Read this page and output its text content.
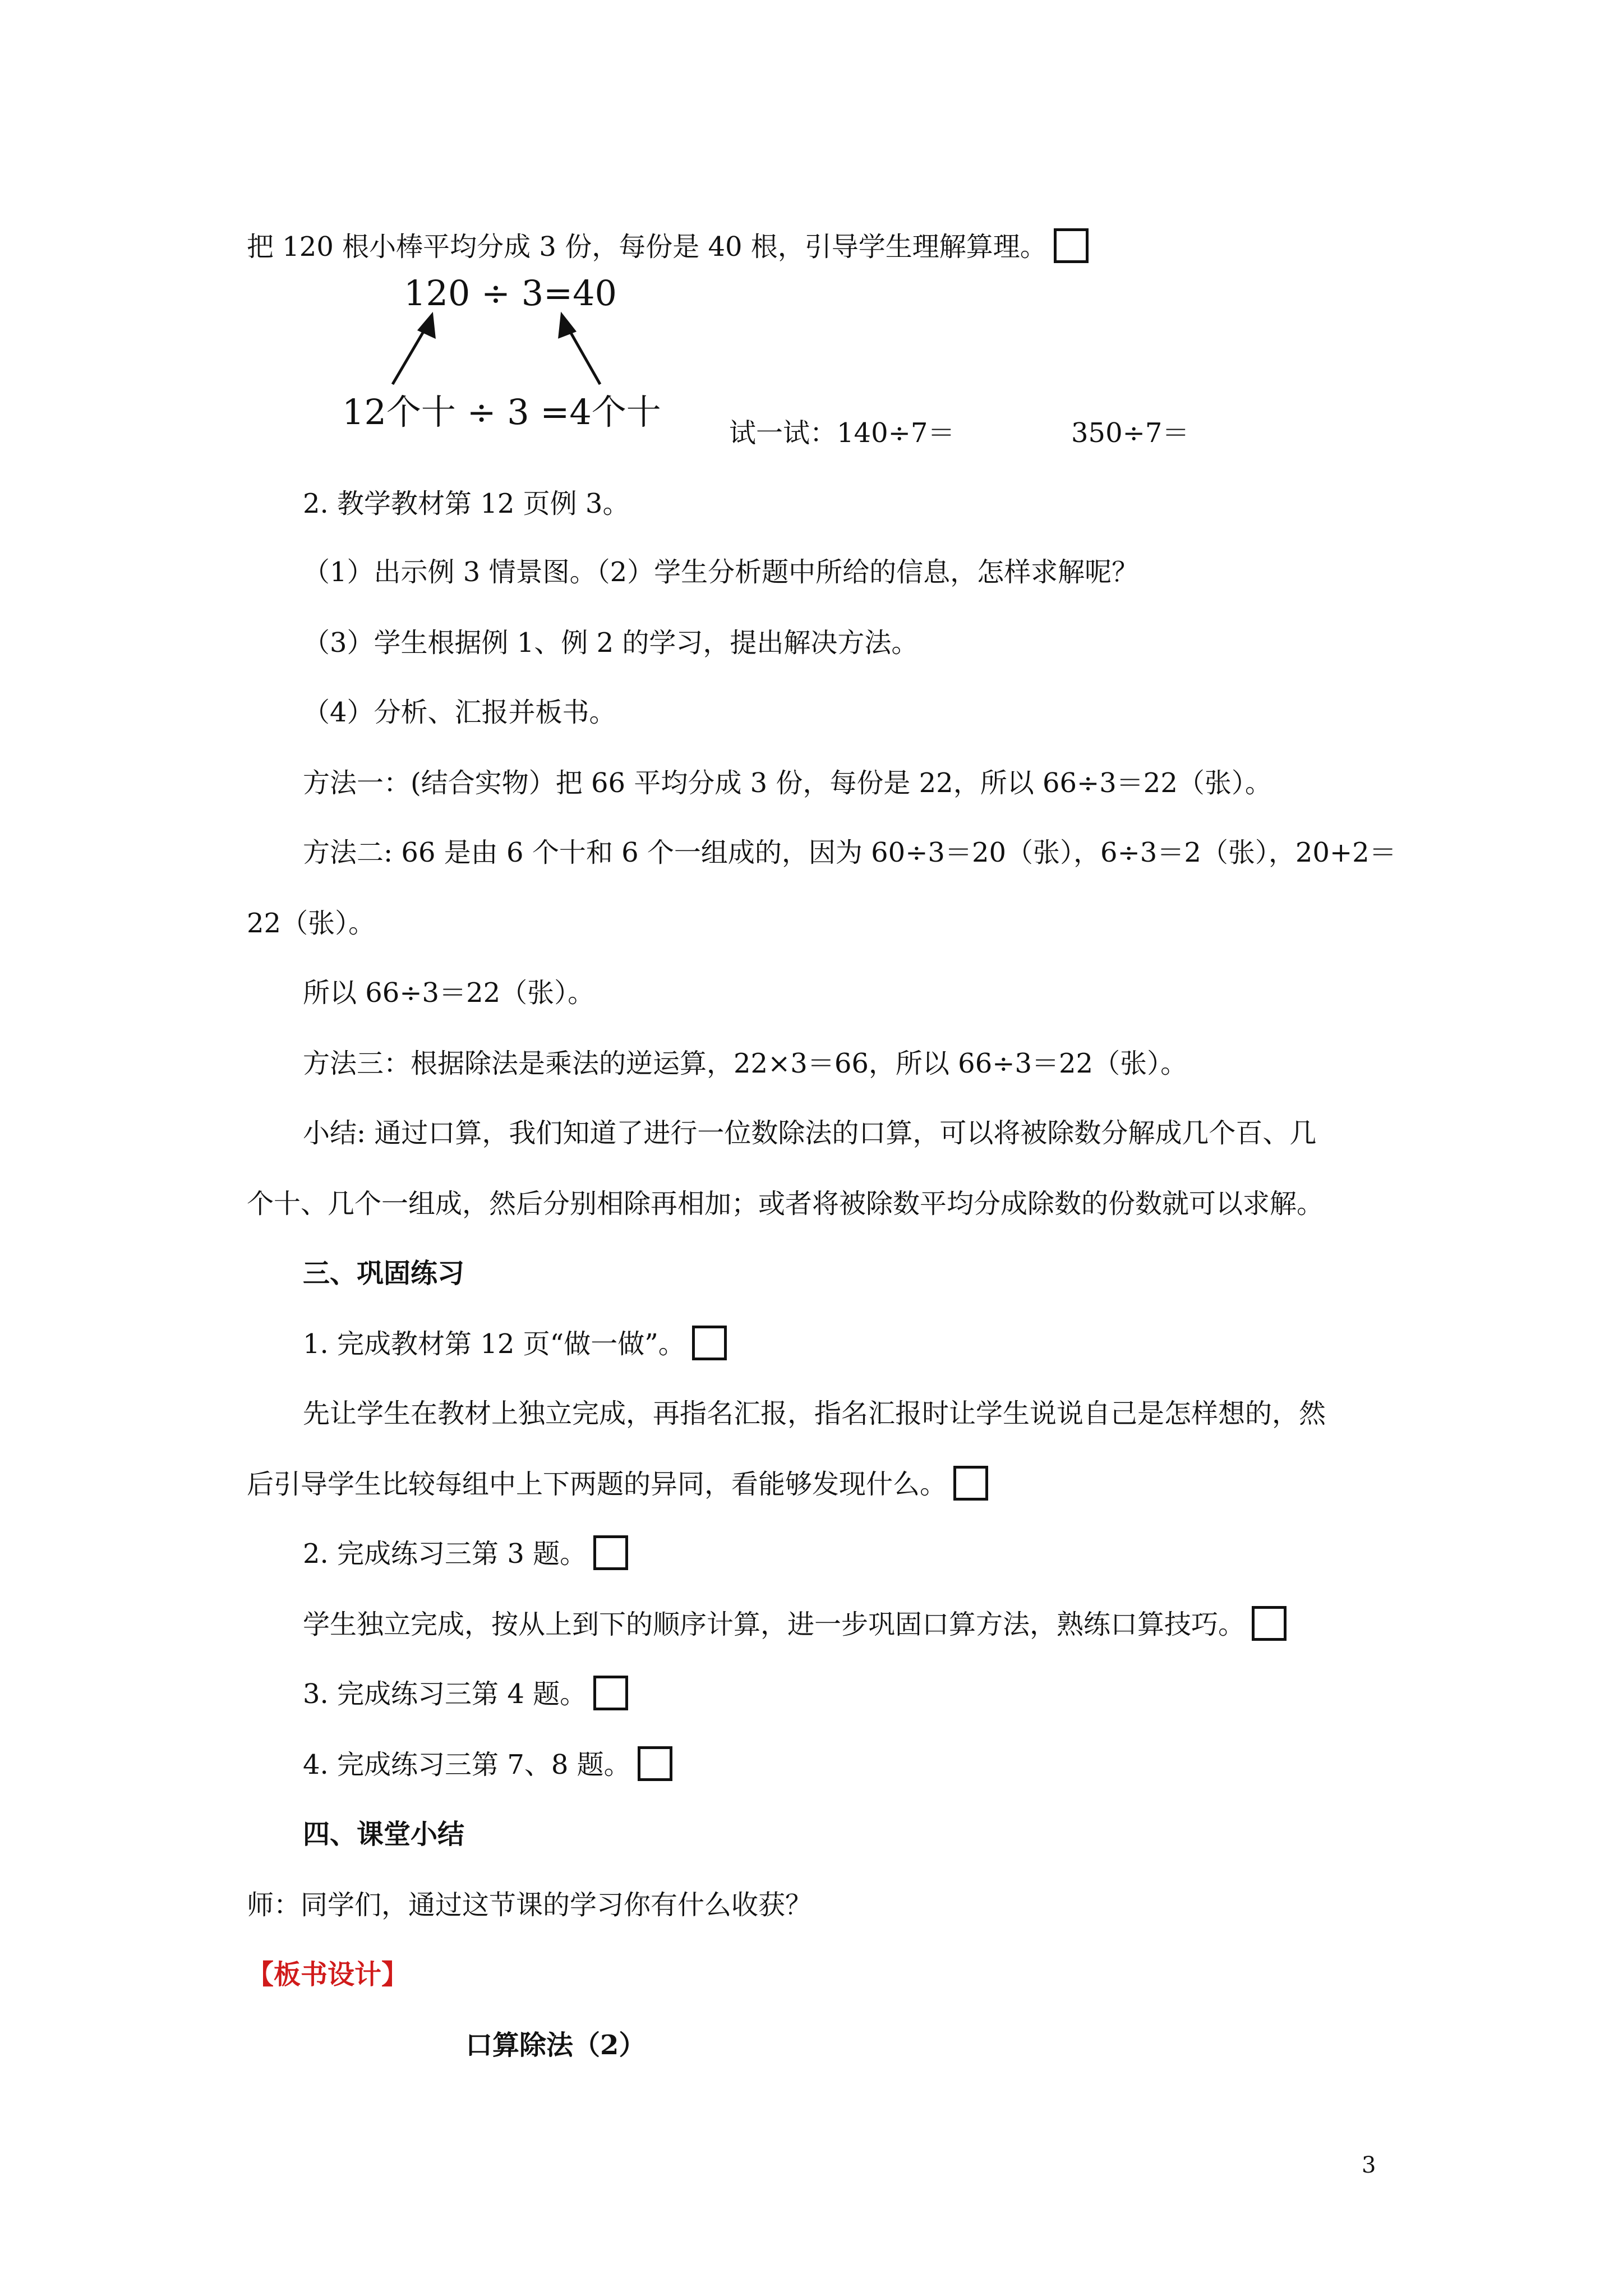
把 120 根小棒平均分成 3 份，每份是 40 根，引导学生理解算理。
120 ÷ 3=40
12个十 ÷ 3 =4个十
试一试：140÷7＝	350÷7＝
2. 教学教材第 12 页例 3。
（1）出示例 3 情景图。（2）学生分析题中所给的信息，怎样求解呢？
（3）学生根据例 1、例 2 的学习，提出解决方法。
（4）分析、汇报并板书。
方法一：(结合实物）把 66 平均分成 3 份，每份是 22，所以 66÷3＝22（张）。
方法二: 66 是由 6 个十和 6 个一组成的，因为 60÷3＝20（张），6÷3＝2（张），20+2＝
22（张）。
所以 66÷3＝22（张）。
方法三：根据除法是乘法的逆运算，22×3＝66，所以 66÷3＝22（张）。
小结: 通过口算，我们知道了进行一位数除法的口算，可以将被除数分解成几个百、几
个十、几个一组成，然后分别相除再相加；或者将被除数平均分成除数的份数就可以求解。
三、巩固练习
1. 完成教材第 12 页“做一做”。
先让学生在教材上独立完成，再指名汇报，指名汇报时让学生说说自己是怎样想的，然
后引导学生比较每组中上下两题的异同，看能够发现什么。
2. 完成练习三第 3 题。
学生独立完成，按从上到下的顺序计算，进一步巩固口算方法，熟练口算技巧。
3. 完成练习三第 4 题。
4. 完成练习三第 7、8 题。
四、课堂小结
师：同学们，通过这节课的学习你有什么收获？
【板书设计】
口算除法（2）
3
